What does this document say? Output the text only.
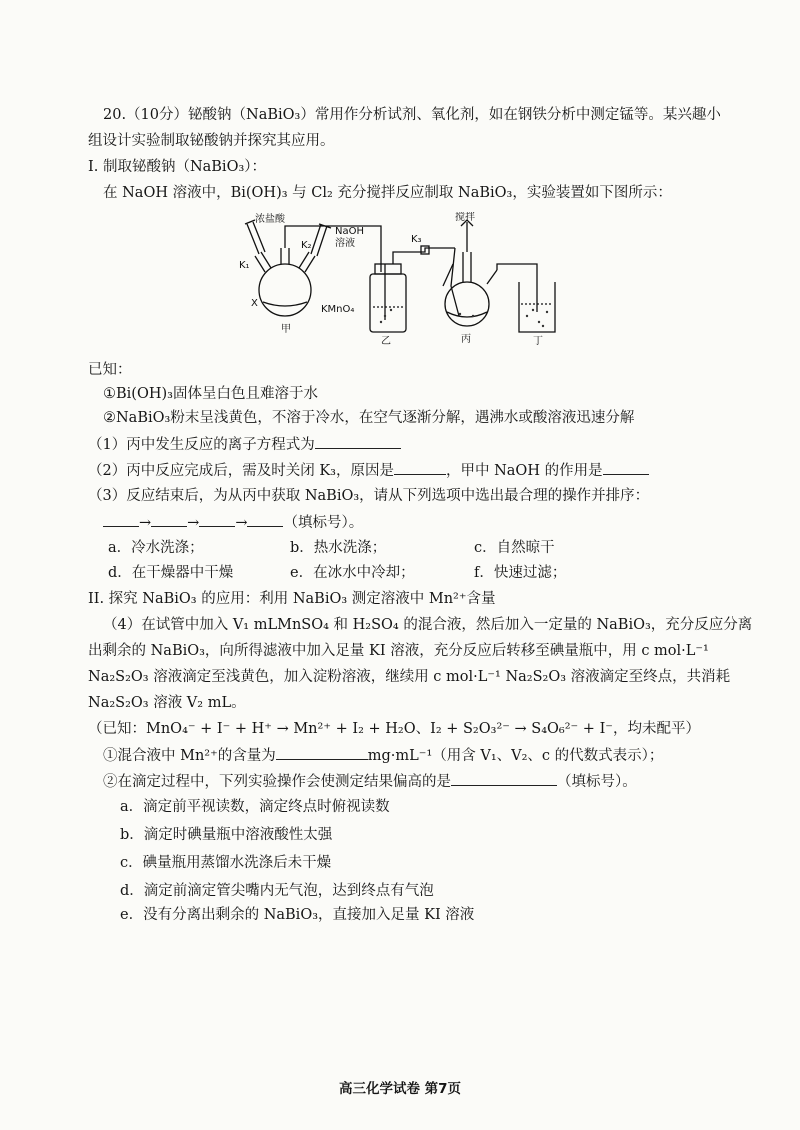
20.（10分）铋酸钠（NaBiO₃）常用作分析试剂、氧化剂，如在钢铁分析中测定锰等。某兴趣小
组设计实验制取铋酸钠并探究其应用。
I. 制取铋酸钠（NaBiO₃）：
在 NaOH 溶液中，Bi(OH)₃ 与 Cl₂ 充分搅拌反应制取 NaBiO₃，实验装置如下图所示：
浓盐酸
NaOH
溶液
搅拌
K₁
K₂
K₃
X
KMnO₄
甲
乙	丙	丁
已知：
①Bi(OH)₃固体呈白色且难溶于水
②NaBiO₃粉末呈浅黄色，不溶于冷水，在空气逐渐分解，遇沸水或酸溶液迅速分解
（1）丙中发生反应的离子方程式为
（2）丙中反应完成后，需及时关闭 K₃，原因是	，甲中 NaOH 的作用是
（3）反应结束后，为从丙中获取 NaBiO₃，请从下列选项中选出最合理的操作并排序：
→ → → （填标号）。
a．冷水洗涤；	b．热水洗涤；	c．自然晾干
d．在干燥器中干燥	e．在冰水中冷却；	f．快速过滤；
II. 探究 NaBiO₃ 的应用：利用 NaBiO₃ 测定溶液中 Mn²⁺含量
（4）在试管中加入 V₁ mLMnSO₄ 和 H₂SO₄ 的混合液，然后加入一定量的 NaBiO₃，充分反应分离
出剩余的 NaBiO₃，向所得滤液中加入足量 KI 溶液，充分反应后转移至碘量瓶中，用 c mol·L⁻¹
Na₂S₂O₃ 溶液滴定至浅黄色，加入淀粉溶液，继续用 c mol·L⁻¹ Na₂S₂O₃ 溶液滴定至终点，共消耗
Na₂S₂O₃ 溶液 V₂ mL。
（已知：MnO₄⁻ + I⁻ + H⁺ → Mn²⁺ + I₂ + H₂O、I₂ + S₂O₃²⁻ → S₄O₆²⁻ + I⁻，均未配平）
①混合液中 Mn²⁺的含量为	mg·mL⁻¹（用含 V₁、V₂、c 的代数式表示）；
②在滴定过程中，下列实验操作会使测定结果偏高的是	（填标号）。
a．滴定前平视读数，滴定终点时俯视读数
b．滴定时碘量瓶中溶液酸性太强
c．碘量瓶用蒸馏水洗涤后未干燥
d．滴定前滴定管尖嘴内无气泡，达到终点有气泡
e．没有分离出剩余的 NaBiO₃，直接加入足量 KI 溶液
高三化学试卷 第7页
